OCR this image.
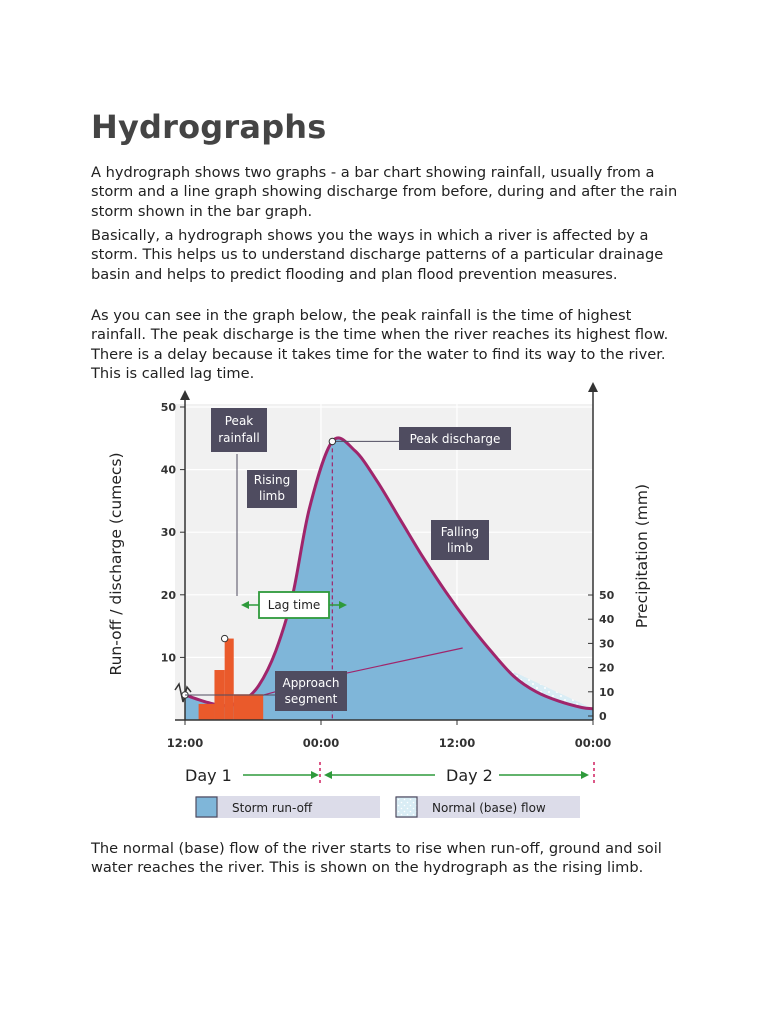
Hydrographs

A hydrograph shows two graphs - a bar chart showing rainfall, usually from a storm and a line graph showing discharge from before, during and after the rain storm shown in the bar graph.

Basically, a hydrograph shows you the ways in which a river is affected by a storm. This helps us to understand discharge patterns of a particular drainage basin and helps to predict flooding and plan flood prevention measures.

As you can see in the graph below, the peak rainfall is the time of highest rainfall. The peak discharge is the time when the river reaches its highest flow. There is a delay because it takes time for the water to find its way to the river. This is called lag time.

50
40
30
20
10
50
40
30
20
10
0
12:00	00:00	12:00	00:00
Run-off / discharge (cumecs)	Precipitation (mm)
Peak rainfall
Rising limb
Peak discharge
Falling limb
Lag time
Approach segment
Day 1	Day 2
Storm run-off	Normal (base) flow

The normal (base) flow of the river starts to rise when run-off, ground and soil water reaches the river. This is shown on the hydrograph as the rising limb.
